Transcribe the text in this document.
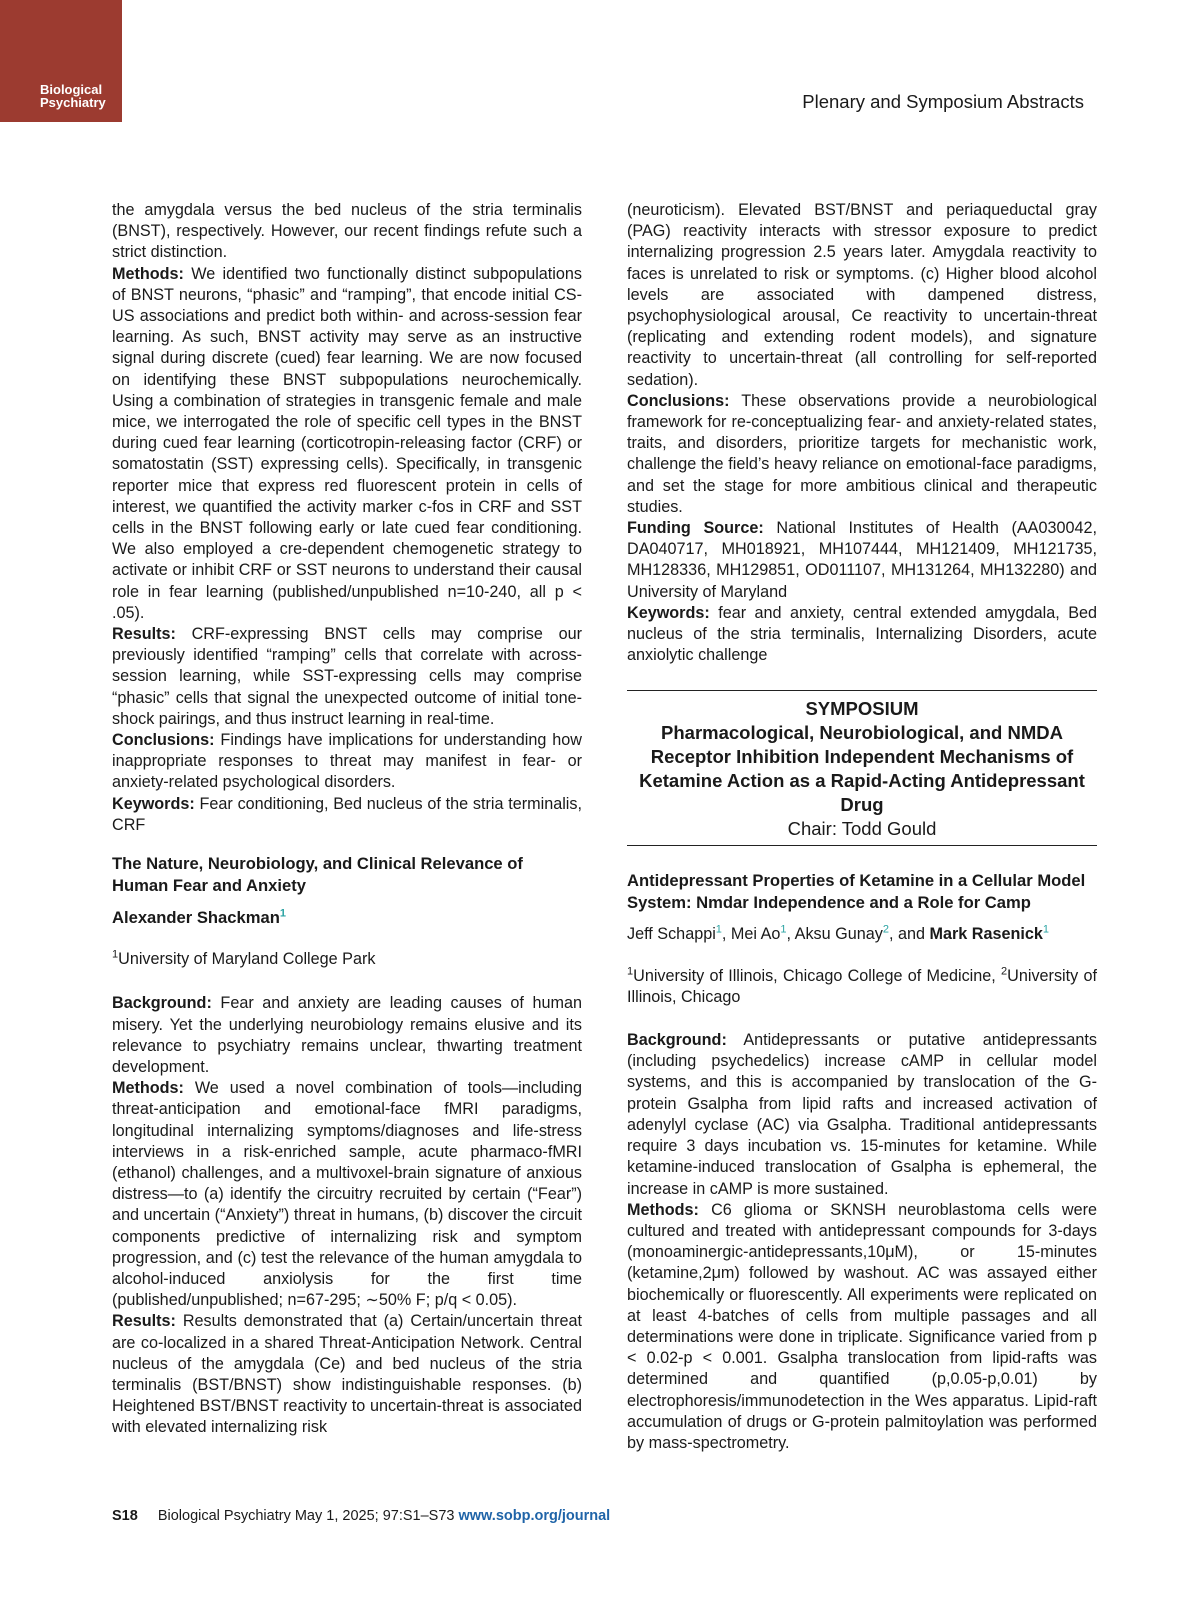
Biological
Psychiatry	Plenary and Symposium Abstracts

the amygdala versus the bed nucleus of the stria terminalis (BNST), respectively. However, our recent findings refute such a strict distinction.

Methods: We identified two functionally distinct subpopulations of BNST neurons, “phasic” and “ramping”, that encode initial CS-US associations and predict both within- and across-session fear learning. As such, BNST activity may serve as an instructive signal during discrete (cued) fear learning. We are now focused on identifying these BNST subpopulations neurochemically. Using a combination of strategies in transgenic female and male mice, we interrogated the role of specific cell types in the BNST during cued fear learning (corticotropin-releasing factor (CRF) or somatostatin (SST) expressing cells). Specifically, in transgenic reporter mice that express red fluorescent protein in cells of interest, we quantified the activity marker c-fos in CRF and SST cells in the BNST following early or late cued fear conditioning. We also employed a cre-dependent chemogenetic strategy to activate or inhibit CRF or SST neurons to understand their causal role in fear learning (published/unpublished n=10-240, all p < .05).

Results: CRF-expressing BNST cells may comprise our previously identified “ramping” cells that correlate with across-session learning, while SST-expressing cells may comprise “phasic” cells that signal the unexpected outcome of initial tone-shock pairings, and thus instruct learning in real-time.

Conclusions: Findings have implications for understanding how inappropriate responses to threat may manifest in fear- or anxiety-related psychological disorders.

Keywords: Fear conditioning, Bed nucleus of the stria terminalis, CRF

The Nature, Neurobiology, and Clinical Relevance of Human Fear and Anxiety

Alexander Shackman$^1$

$^1$University of Maryland College Park

Background: Fear and anxiety are leading causes of human misery. Yet the underlying neurobiology remains elusive and its relevance to psychiatry remains unclear, thwarting treatment development.

Methods: We used a novel combination of tools—including threat-anticipation and emotional-face fMRI paradigms, longitudinal internalizing symptoms/diagnoses and life-stress interviews in a risk-enriched sample, acute pharmaco-fMRI (ethanol) challenges, and a multivoxel-brain signature of anxious distress—to (a) identify the circuitry recruited by certain (“Fear”) and uncertain (“Anxiety”) threat in humans, (b) discover the circuit components predictive of internalizing risk and symptom progression, and (c) test the relevance of the human amygdala to alcohol-induced anxiolysis for the first time (published/unpublished; n=67-295; ∼50% F; p/q < 0.05).

Results: Results demonstrated that (a) Certain/uncertain threat are co-localized in a shared Threat-Anticipation Network. Central nucleus of the amygdala (Ce) and bed nucleus of the stria terminalis (BST/BNST) show indistinguishable responses. (b) Heightened BST/BNST reactivity to uncertain-threat is associated with elevated internalizing risk

(neuroticism). Elevated BST/BNST and periaqueductal gray (PAG) reactivity interacts with stressor exposure to predict internalizing progression 2.5 years later. Amygdala reactivity to faces is unrelated to risk or symptoms. (c) Higher blood alcohol levels are associated with dampened distress, psychophysiological arousal, Ce reactivity to uncertain-threat (replicating and extending rodent models), and signature reactivity to uncertain-threat (all controlling for self-reported sedation).

Conclusions: These observations provide a neurobiological framework for re-conceptualizing fear- and anxiety-related states, traits, and disorders, prioritize targets for mechanistic work, challenge the field’s heavy reliance on emotional-face paradigms, and set the stage for more ambitious clinical and therapeutic studies.

Funding Source: National Institutes of Health (AA030042, DA040717, MH018921, MH107444, MH121409, MH121735, MH128336, MH129851, OD011107, MH131264, MH132280) and University of Maryland

Keywords: fear and anxiety, central extended amygdala, Bed nucleus of the stria terminalis, Internalizing Disorders, acute anxiolytic challenge

SYMPOSIUM
Pharmacological, Neurobiological, and NMDA Receptor Inhibition Independent Mechanisms of Ketamine Action as a Rapid-Acting Antidepressant Drug
Chair: Todd Gould

Antidepressant Properties of Ketamine in a Cellular Model System: Nmdar Independence and a Role for Camp

Jeff Schappi$^1$, Mei Ao$^1$, Aksu Gunay$^2$, and Mark Rasenick$^1$

$^1$University of Illinois, Chicago College of Medicine, $^2$University of Illinois, Chicago

Background: Antidepressants or putative antidepressants (including psychedelics) increase cAMP in cellular model systems, and this is accompanied by translocation of the G-protein Gsalpha from lipid rafts and increased activation of adenylyl cyclase (AC) via Gsalpha. Traditional antidepressants require 3 days incubation vs. 15-minutes for ketamine. While ketamine-induced translocation of Gsalpha is ephemeral, the increase in cAMP is more sustained.

Methods: C6 glioma or SKNSH neuroblastoma cells were cultured and treated with antidepressant compounds for 3-days (monoaminergic-antidepressants,10μM), or 15-minutes (ketamine,2μm) followed by washout. AC was assayed either biochemically or fluorescently. All experiments were replicated on at least 4-batches of cells from multiple passages and all determinations were done in triplicate. Significance varied from p < 0.02-p < 0.001. Gsalpha translocation from lipid-rafts was determined and quantified (p,0.05-p,0.01) by electrophoresis/immunodetection in the Wes apparatus. Lipid-raft accumulation of drugs or G-protein palmitoylation was performed by mass-spectrometry.

S18 Biological Psychiatry May 1, 2025; 97:S1–S73 www.sobp.org/journal
